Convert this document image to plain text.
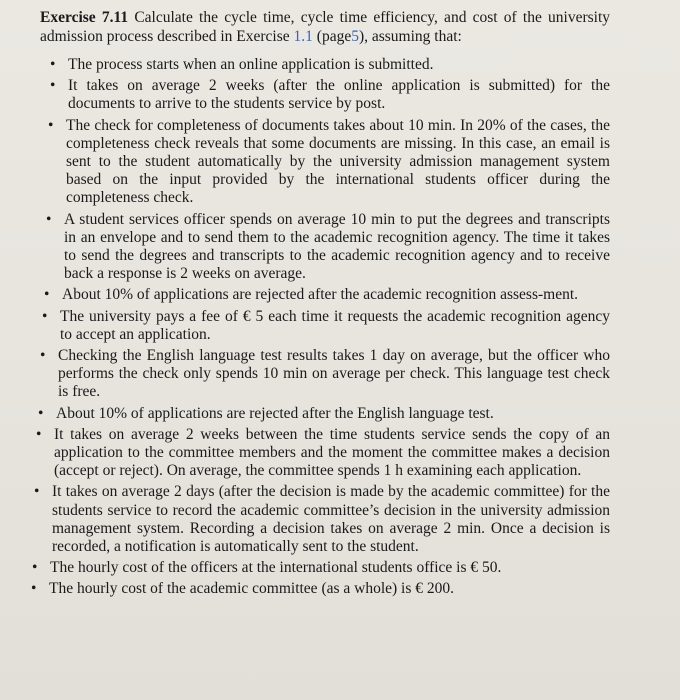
Exercise 7.11 Calculate the cycle time, cycle time efficiency, and cost of the university admission process described in Exercise 1.1 (page5), assuming that:

• The process starts when an online application is submitted.
• It takes on average 2 weeks (after the online application is submitted) for the documents to arrive to the students service by post.
• The check for completeness of documents takes about 10 min. In 20% of the cases, the completeness check reveals that some documents are missing. In this case, an email is sent to the student automatically by the university admission management system based on the input provided by the international students officer during the completeness check.
• A student services officer spends on average 10 min to put the degrees and transcripts in an envelope and to send them to the academic recognition agency. The time it takes to send the degrees and transcripts to the academic recognition agency and to receive back a response is 2 weeks on average.
• About 10% of applications are rejected after the academic recognition assess-ment.
• The university pays a fee of € 5 each time it requests the academic recognition agency to accept an application.
• Checking the English language test results takes 1 day on average, but the officer who performs the check only spends 10 min on average per check. This language test check is free.
• About 10% of applications are rejected after the English language test.
• It takes on average 2 weeks between the time students service sends the copy of an application to the committee members and the moment the committee makes a decision (accept or reject). On average, the committee spends 1 h examining each application.
• It takes on average 2 days (after the decision is made by the academic committee) for the students service to record the academic committee’s decision in the university admission management system. Recording a decision takes on average 2 min. Once a decision is recorded, a notification is automatically sent to the student.
• The hourly cost of the officers at the international students office is € 50.
• The hourly cost of the academic committee (as a whole) is € 200.
